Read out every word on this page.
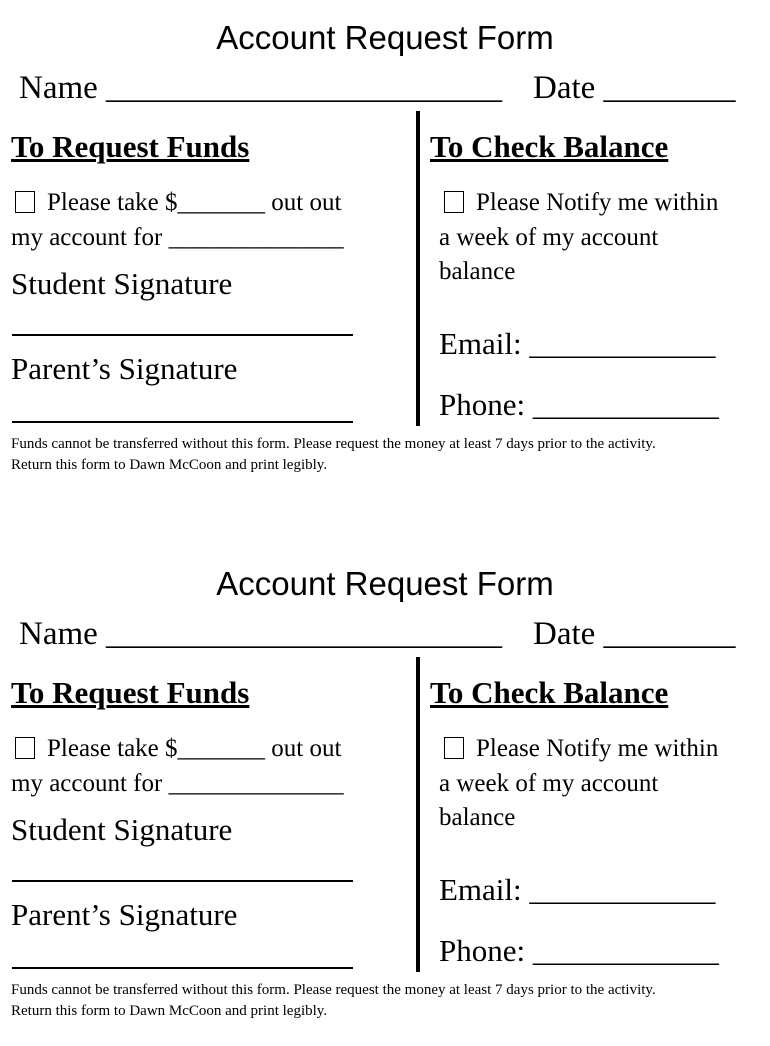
Account Request Form
Name ________________________ Date ________
To Request Funds
Please take $_______ out out
my account for ______________
Student Signature
Parent’s Signature
To Check Balance
Please Notify me within
a week of my account
balance
Email: ____________
Phone: ____________
Funds cannot be transferred without this form. Please request the money at least 7 days prior to the activity.
Return this form to Dawn McCoon and print legibly.
Account Request Form
Name ________________________ Date ________
To Request Funds
Please take $_______ out out
my account for ______________
Student Signature
Parent’s Signature
To Check Balance
Please Notify me within
a week of my account
balance
Email: ____________
Phone: ____________
Funds cannot be transferred without this form. Please request the money at least 7 days prior to the activity.
Return this form to Dawn McCoon and print legibly.
